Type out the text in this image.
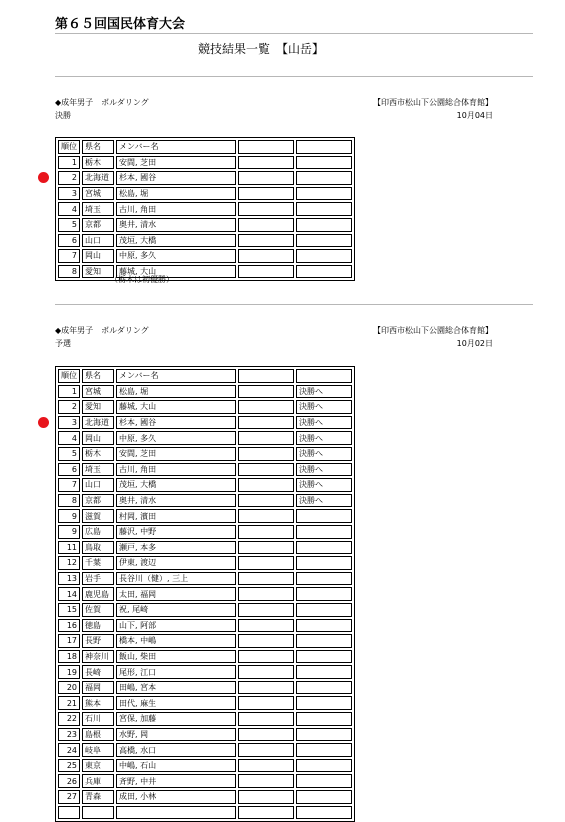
第６５回国民体育大会
競技結果一覧　【山岳】
◆成年男子　ボルダリング
決勝
【印西市松山下公園総合体育館】
10月04日
順位	県名	メンバー名		
1	栃木	安間, 芝田		
2	北海道	杉本, 國谷		
3	宮城	松島, 堀		
4	埼玉	古川, 角田		
5	京都	奥井, 清水		
6	山口	茂垣, 大橋		
7	岡山	中原, 多久		
8	愛知	藤城, 大山		
（栃木は初優勝）
◆成年男子　ボルダリング
予選
【印西市松山下公園総合体育館】
10月02日
順位	県名	メンバー名		
1	宮城	松島, 堀		決勝へ
2	愛知	藤城, 大山		決勝へ
3	北海道	杉本, 國谷		決勝へ
4	岡山	中原, 多久		決勝へ
5	栃木	安間, 芝田		決勝へ
6	埼玉	古川, 角田		決勝へ
7	山口	茂垣, 大橋		決勝へ
8	京都	奥井, 清水		決勝へ
9	滋賀	村岡, 濱田		
9	広島	藤沢, 中野		
11	鳥取	瀬戸, 本多		
12	千葉	伊東, 渡辺		
13	岩手	長谷川（健）, 三上		
14	鹿児島	太田, 福岡		
15	佐賀	祝, 尾崎		
16	徳島	山下, 阿部		
17	長野	橋本, 中嶋		
18	神奈川	飯山, 柴田		
19	長崎	尾形, 江口		
20	福岡	田嶋, 宮本		
21	熊本	田代, 麻生		
22	石川	宮保, 加藤		
23	島根	水野, 岡		
24	岐阜	高橋, 水口		
25	東京	中嶋, 石山		
26	兵庫	斉野, 中井		
27	青森	成田, 小林		
